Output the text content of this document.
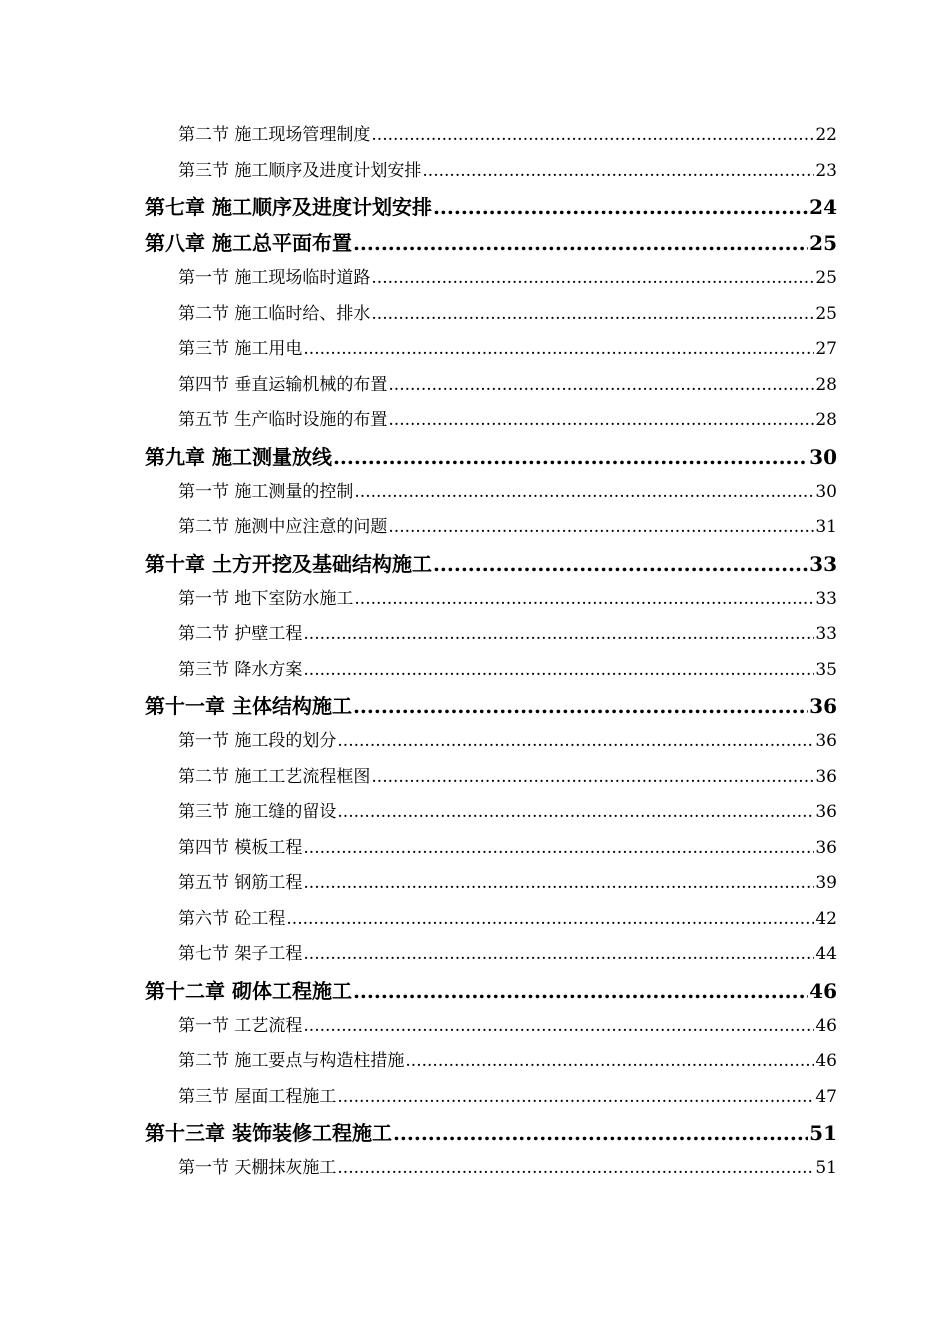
第二节 施工现场管理制度 .....	22
第三节 施工顺序及进度计划安排 .....	23
第七章 施工顺序及进度计划安排 .....	24
第八章 施工总平面布置 .....	25
第一节 施工现场临时道路 .....	25
第二节 施工临时给、排水 .....	25
第三节 施工用电 .....	27
第四节 垂直运输机械的布置 .....	28
第五节 生产临时设施的布置 .....	28
第九章 施工测量放线 .....	30
第一节 施工测量的控制 .....	30
第二节 施测中应注意的问题 .....	31
第十章 土方开挖及基础结构施工 .....	33
第一节 地下室防水施工 .....	33
第二节 护壁工程 .....	33
第三节 降水方案 .....	35
第十一章 主体结构施工 .....	36
第一节 施工段的划分 .....	36
第二节 施工工艺流程框图 .....	36
第三节 施工缝的留设 .....	36
第四节 模板工程 .....	36
第五节 钢筋工程 .....	39
第六节 砼工程 .....	42
第七节 架子工程 .....	44
第十二章 砌体工程施工 .....	46
第一节 工艺流程 .....	46
第二节 施工要点与构造柱措施 .....	46
第三节 屋面工程施工 .....	47
第十三章 装饰装修工程施工 .....	51
第一节 天棚抹灰施工 .....	51
